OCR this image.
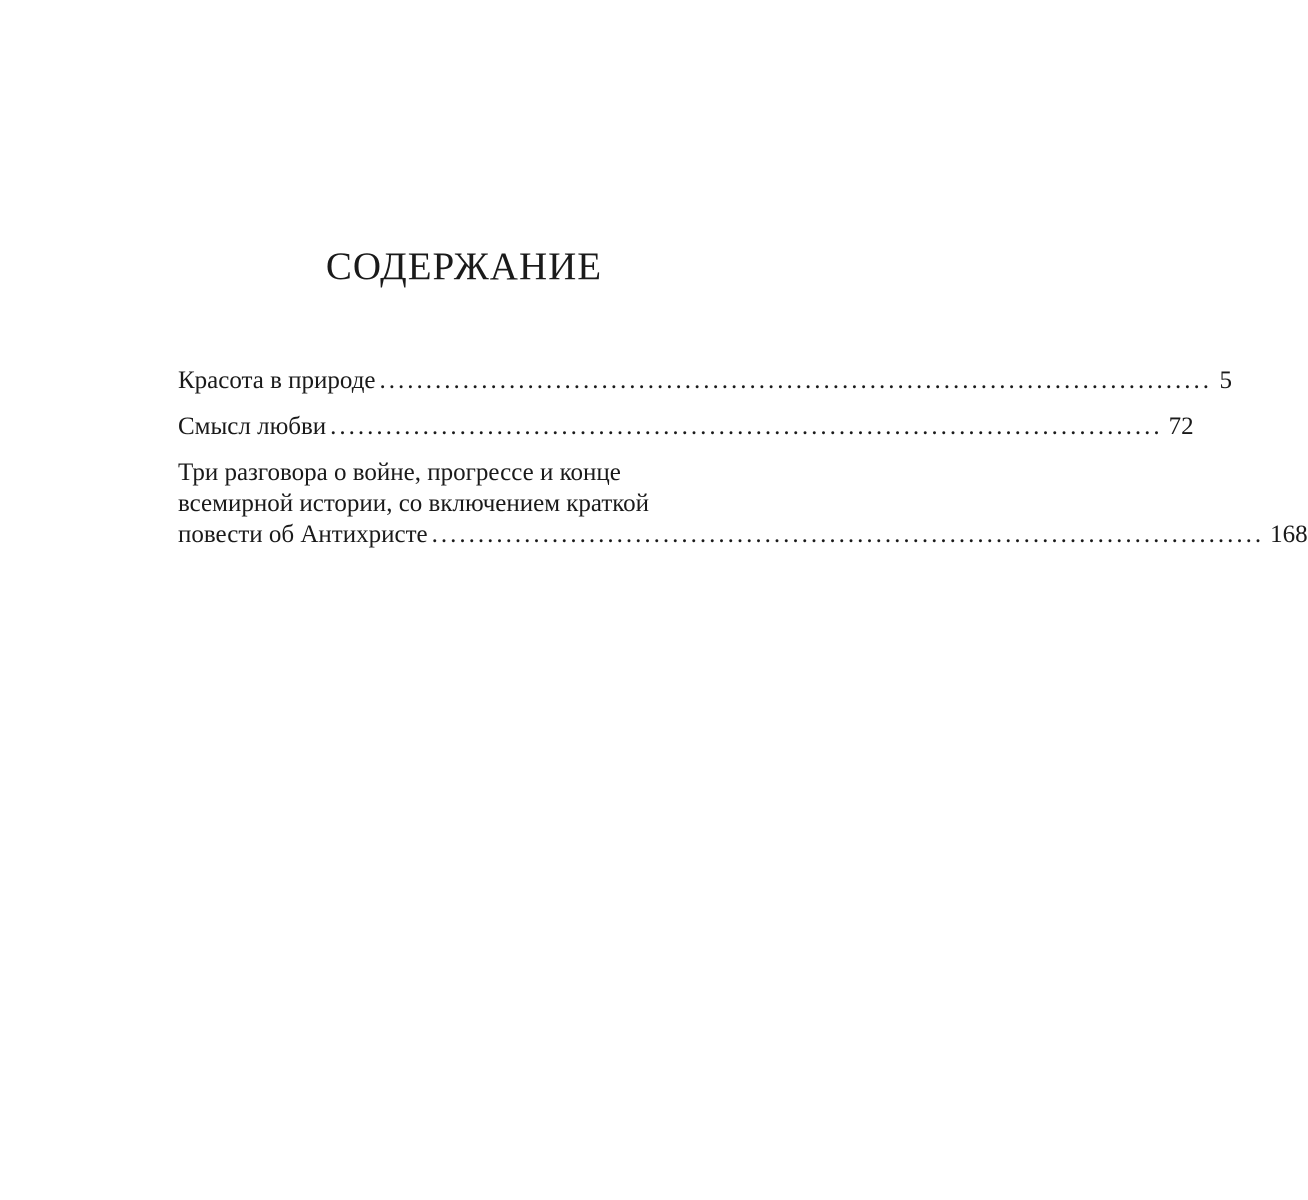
СОДЕРЖАНИЕ
Красота в природе .......................................................................................... 5
Смысл любви .......................................................................................... 72
Три разговора о войне, прогрессе и конце
всемирной истории, со включением краткой
повести об Антихристе .......................................................................................... 168
